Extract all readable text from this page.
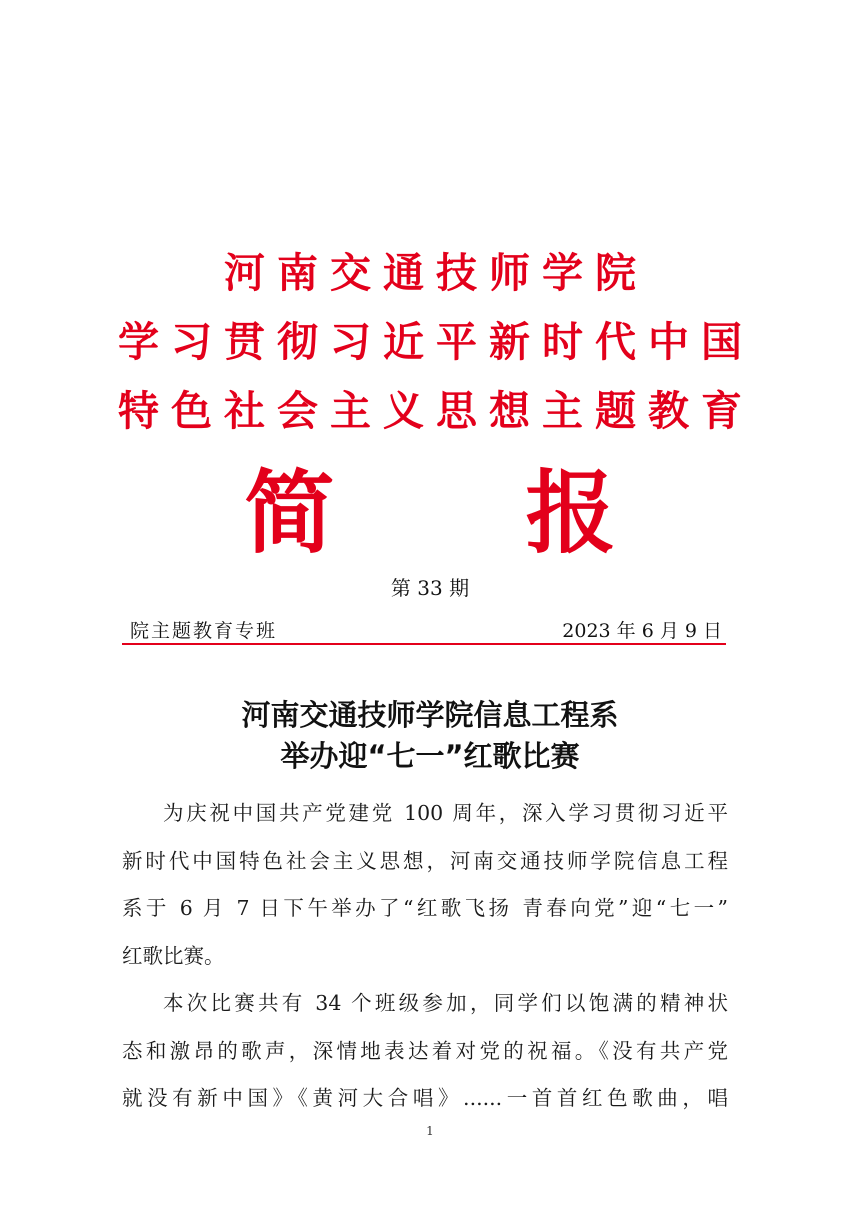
河南交通技师学院
学习贯彻习近平新时代中国
特色社会主义思想主题教育
简 报
第 33 期
院主题教育专班	2023 年 6 月 9 日
河南交通技师学院信息工程系
举办迎“七一”红歌比赛
为庆祝中国共产党建党 100 周年，深入学习贯彻习近平
新时代中国特色社会主义思想，河南交通技师学院信息工程
系于 6 月 7 日下午举办了“红歌飞扬 青春向党”迎“七一”
红歌比赛。
本次比赛共有 34 个班级参加，同学们以饱满的精神状
态和激昂的歌声，深情地表达着对党的祝福。《没有共产党
就没有新中国》《黄河大合唱》......一首首红色歌曲，唱
1
